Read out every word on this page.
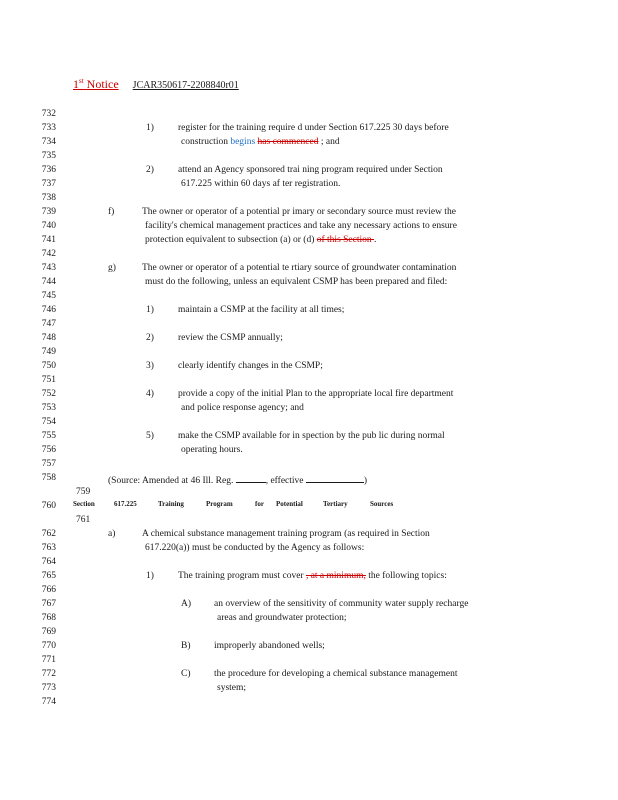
1st Notice JCAR350617-2208840r01
732
733
734
735
736
737
738
739
740
741
742
743
744
745
746
747
748
749
750
751
752
753
754
755
756
757
758
759
760
761
762
763
764
765
766
767
768
769
770
771
772
773
774
1)	register for the training require d under Section 617.225 30 days before
construction begins has commenced ; and
2)	attend an Agency sponsored trai ning program required under Section
617.225 within 60 days af ter registration.
f)	The owner or operator of a potential pr imary or secondary source must review the
facility's chemical management practices and take any necessary actions to ensure
protection equivalent to subsection (a) or (d) of this Section .
g)	The owner or operator of a potential te rtiary source of groundwater contamination
must do the following, unless an equivalent CSMP has been prepared and filed:
1)	maintain a CSMP at the facility at all times;
2)	review the CSMP annually;
3)	clearly identify changes in the CSMP;
4)	provide a copy of the initial Plan to the appropriate local fire department
and police response agency; and
5)	make the CSMP available for in spection by the pub lic during normal
operating hours.
(Source: Amended at 46 Ill. Reg.	, effective	)
Section	617.225	Training	Program	for Potential	Tertiary	Sources
a)	A chemical substance management training program (as required in Section
617.220(a)) must be conducted by the Agency as follows:
1)	The training program must cover , at a minimum, the following topics:
A) an overview of the sensitivity of community water supply recharge
areas and groundwater protection;
B) improperly abandoned wells;
C) the procedure for developing a chemical substance management
system;
